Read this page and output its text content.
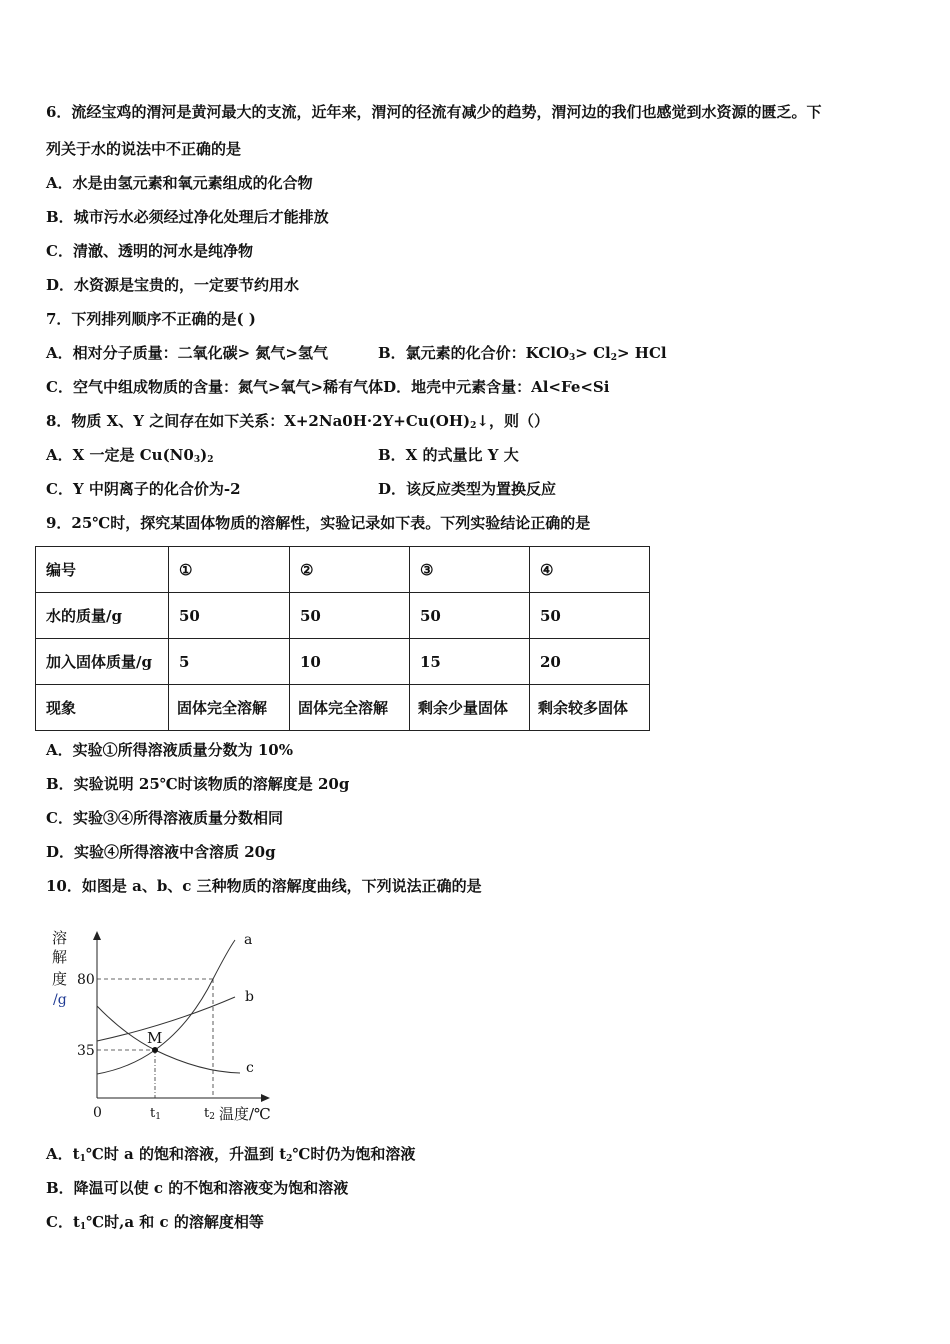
6．流经宝鸡的渭河是黄河最大的支流，近年来，渭河的径流有减少的趋势，渭河边的我们也感觉到水资源的匮乏。下
列关于水的说法中不正确的是
A．水是由氢元素和氧元素组成的化合物
B．城市污水必须经过净化处理后才能排放
C．清澈、透明的河水是纯净物
D．水资源是宝贵的，一定要节约用水
7．下列排列顺序不正确的是( )
A．相对分子质量：二氧化碳> 氮气>氢气	B．氯元素的化合价：KClO$_3$> $Cl_2>$ HCl
C．空气中组成物质的含量：氮气>氧气>稀有气体D．地壳中元素含量：Al<Fe<Si
8．物质 X、Y 之间存在如下关系：$X+2Na0H\cdot 2Y+Cu(OH)_2↓$，则（）
A．X 一定是 $Cu(N0_3)_2$	B．X 的式量比 Y 大
C．Y 中阴离子的化合价为-2	D．该反应类型为置换反应
9．25℃时，探究某固体物质的溶解性，实验记录如下表。下列实验结论正确的是
编号	①	②	③	④
水的质量/g	50	50	50	50
加入固体质量/g	5	10	15	20
现象	固体完全溶解	固体完全溶解	剩余少量固体	剩余较多固体
A．实验①所得溶液质量分数为 10%
B．实验说明 25℃时该物质的溶解度是 20g
C．实验③④所得溶液质量分数相同
D．实验④所得溶液中含溶质 20g
10．如图是 a、b、c 三种物质的溶解度曲线，下列说法正确的是
M
溶
解
度
/g
80
35
0	t1	t2 温度/℃
a
b
c
A．$t_1℃$时 a 的饱和溶液，升温到 $t_2℃$时仍为饱和溶液
B．降温可以使 c 的不饱和溶液变为饱和溶液
C．$t_1℃$时,a 和 c 的溶解度相等
